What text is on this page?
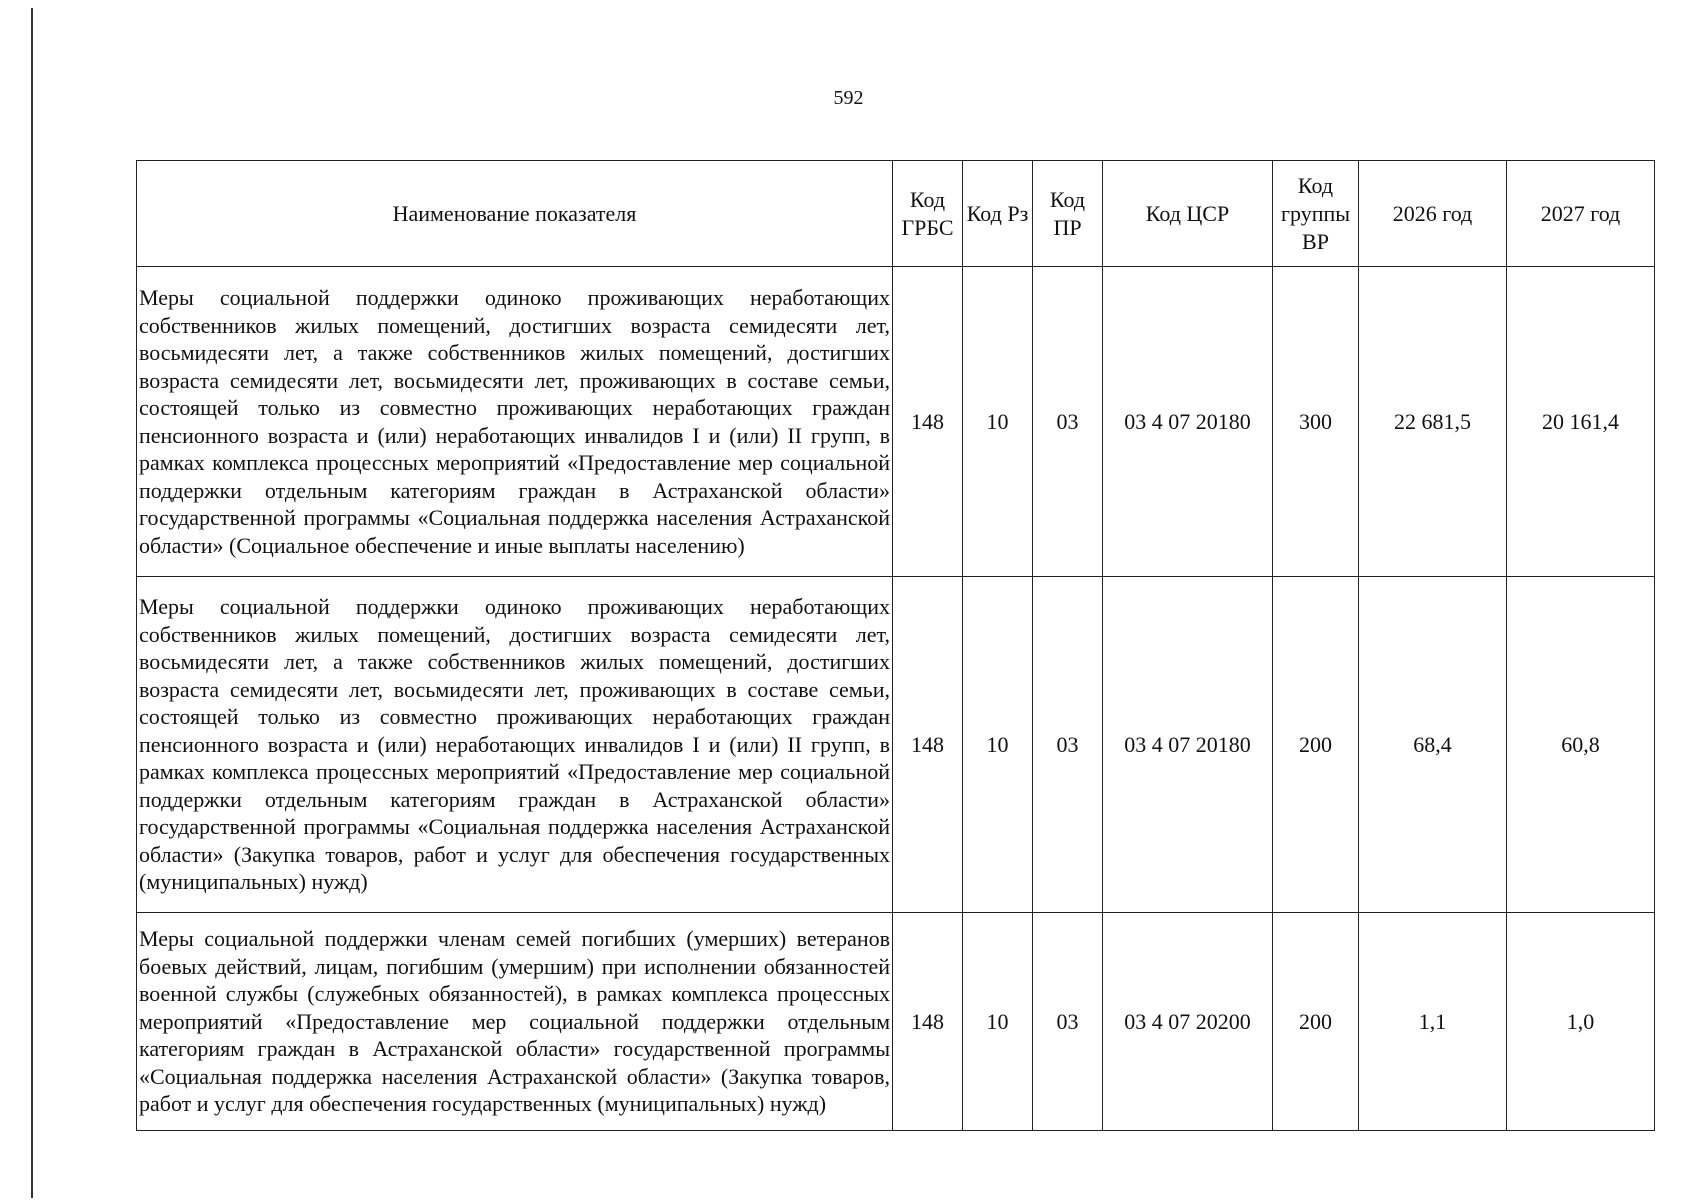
592
Наименование показателя	Код ГРБС	Код Рз	Код ПР	Код ЦСР	Код группы ВР	2026 год	2027 год
Меры социальной поддержки одиноко проживающих неработающих собственников жилых помещений, достигших возраста семидесяти лет, восьмидесяти лет, а также собственников жилых помещений, достигших возраста семидесяти лет, восьмидесяти лет, проживающих в составе семьи, состоящей только из совместно проживающих неработающих граждан пенсионного возраста и (или) неработающих инвалидов I и (или) II групп, в рамках комплекса процессных мероприятий «Предоставление мер социальной поддержки отдельным категориям граждан в Астраханской области» государственной программы «Социальная поддержка населения Астраханской области» (Социальное обеспечение и иные выплаты населению)	148	10	03	03 4 07 20180	300	22 681,5	20 161,4
Меры социальной поддержки одиноко проживающих неработающих собственников жилых помещений, достигших возраста семидесяти лет, восьмидесяти лет, а также собственников жилых помещений, достигших возраста семидесяти лет, восьмидесяти лет, проживающих в составе семьи, состоящей только из совместно проживающих неработающих граждан пенсионного возраста и (или) неработающих инвалидов I и (или) II групп, в рамках комплекса процессных мероприятий «Предоставление мер социальной поддержки отдельным категориям граждан в Астраханской области» государственной программы «Социальная поддержка населения Астраханской области» (Закупка товаров, работ и услуг для обеспечения государственных (муниципальных) нужд)	148	10	03	03 4 07 20180	200	68,4	60,8
Меры социальной поддержки членам семей погибших (умерших) ветеранов боевых действий, лицам, погибшим (умершим) при исполнении обязанностей военной службы (служебных обязанностей), в рамках комплекса процессных мероприятий «Предоставление мер социальной поддержки отдельным категориям граждан в Астраханской области» государственной программы «Социальная поддержка населения Астраханской области» (Закупка товаров, работ и услуг для обеспечения государственных (муниципальных) нужд)	148	10	03	03 4 07 20200	200	1,1	1,0
